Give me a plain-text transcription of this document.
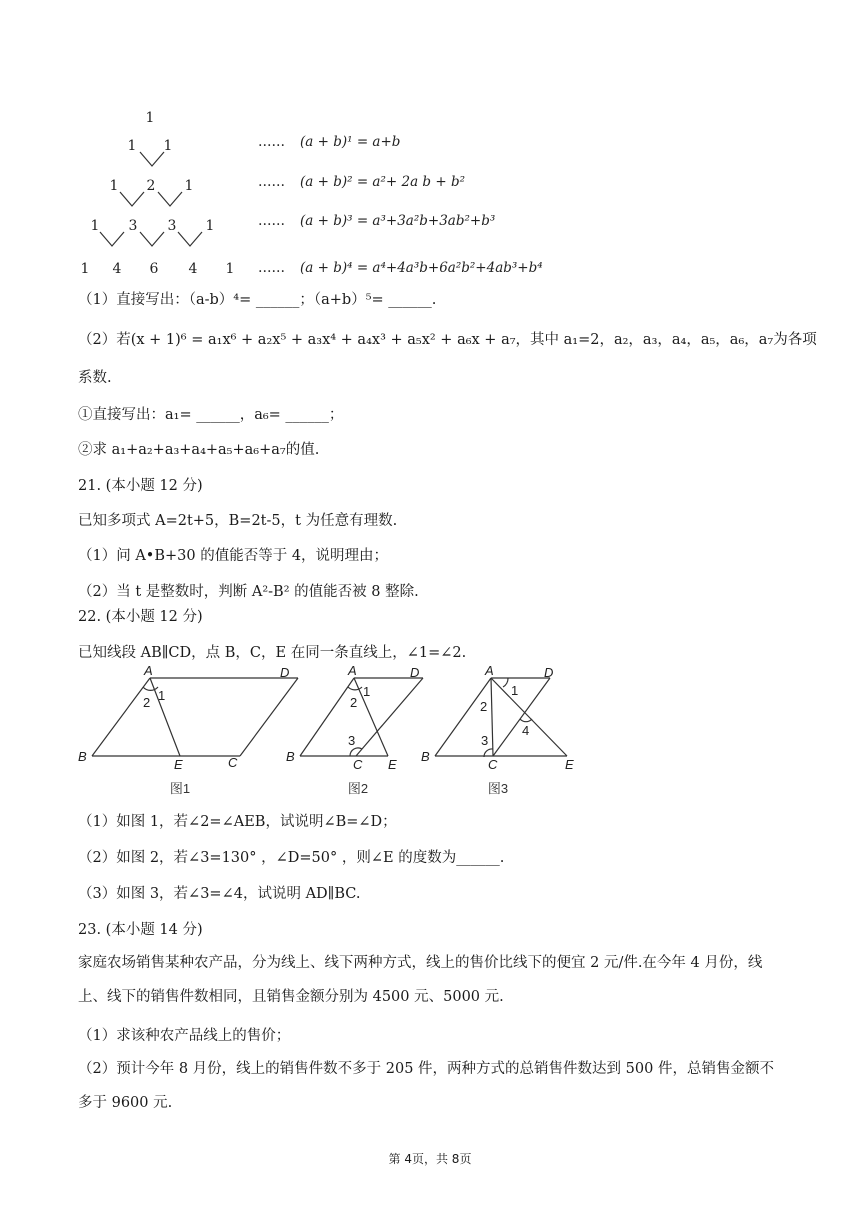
1
1 1
1 2 1
1 3 3 1
1 4 6 4 1
…… (a + b)¹ = a+b
…… (a + b)² = a²+ 2a b + b²
…… (a + b)³ = a³+3a²b+3ab²+b³
…… (a + b)⁴ = a⁴+4a³b+6a²b²+4ab³+b⁴
（1）直接写出：（a-b）⁴= ______；（a+b）⁵= ______.
（2）若(x + 1)⁶ = a₁x⁶ + a₂x⁵ + a₃x⁴ + a₄x³ + a₅x² + a₆x + a₇，其中 a₁=2，a₂，a₃，a₄，a₅，a₆，a₇为各项
系数.
①直接写出：a₁= ______，a₆= ______；
②求 a₁+a₂+a₃+a₄+a₅+a₆+a₇的值.
21. (本小题 12 分)
已知多项式 A=2t+5，B=2t-5，t 为任意有理数.
（1）问 A•B+30 的值能否等于 4，说明理由；
（2）当 t 是整数时，判断 A²-B² 的值能否被 8 整除.
22. (本小题 12 分)
已知线段 AB∥CD，点 B，C，E 在同一条直线上，∠1=∠2.
A	D
B
E	C
1
2
A	D
B
C E
1
2
3
A	D
B
C	E
1
2
3
4
图1	图2	图3
（1）如图 1，若∠2=∠AEB，试说明∠B=∠D；
（2）如图 2，若∠3=130° ，∠D=50° ，则∠E 的度数为______.
（3）如图 3，若∠3=∠4，试说明 AD∥BC.
23. (本小题 14 分)
家庭农场销售某种农产品，分为线上、线下两种方式，线上的售价比线下的便宜 2 元/件.在今年 4 月份，线上、线下的销售件数相同，且销售金额分别为 4500 元、5000 元.
（1）求该种农产品线上的售价；
（2）预计今年 8 月份，线上的销售件数不多于 205 件，两种方式的总销售件数达到 500 件，总销售金额不多于 9600 元.
第 4页，共 8页
